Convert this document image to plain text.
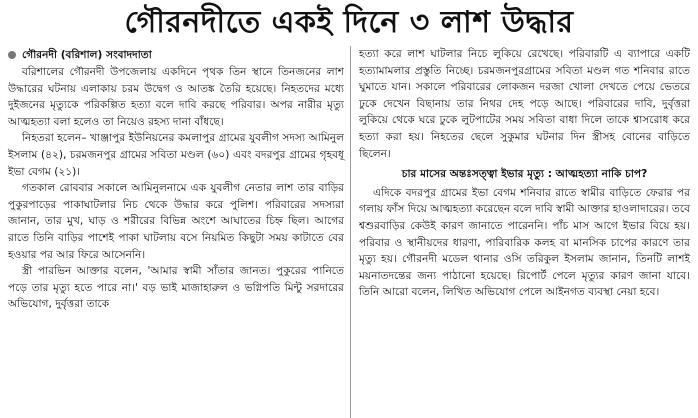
গৌরনদীতে একই দিনে ৩ লাশ উদ্ধার
গৌরনদী (বরিশাল) সংবাদদাতা

বরিশালের গৌরনদী উপজেলায় একদিনে পৃথক তিন স্থানে তিনজনের লাশ উদ্ধারের ঘটনায় এলাকায় চরম উদ্বেগ ও আতঙ্ক তৈরি হয়েছে। নিহতদের মধ্যে দুইজনের মৃত্যুকে পরিকল্পিত হত্যা বলে দাবি করছে পরিবার। অপর নারীর মৃত্যু আত্মহত্যা বলা হলেও তা নিয়েও রহস্য দানা বাঁধছে।

নিহতরা হলেন– খাঞ্জাপুর ইউনিয়নের কমলাপুর গ্রামের যুবলীগ সদস্য আমিনুল ইসলাম (৪২), চরমজনপুর গ্রামের সবিতা মণ্ডল (৬০) এবং বদরপুর গ্রামের গৃহবধূ ইভা বেগম (২১)।

গতকাল রোববার সকালে আমিনুলনামে এক যুবলীগ নেতার লাশ তার বাড়ির পুকুরপাড়ের পাকাঘাটলার নিচ থেকে উদ্ধার করে পুলিশ। পরিবারের সদস্যরা জানান, তার মুখ, ঘাড় ও শরীরের বিভিন্ন অংশে আঘাতের চিহ্ন ছিল। আগের রাতে তিনি বাড়ির পাশেই পাকা ঘাটলায় বসে নিয়মিত কিছুটা সময় কাটাতে বের হওয়ার পর আর ফিরে আসেননি।

স্ত্রী পারভিন আক্তার বলেন, 'আমার স্বামী সাঁতার জানত। পুকুরের পানিতে পড়ে তার মৃত্যু হতে পারে না।' বড় ভাই মাজাহারুল ও ভগ্নিপতি মিন্টু সরদারের অভিযোগ, দুর্বৃত্তরা তাকে

হত্যা করে লাশ ঘাটলার নিচে লুকিয়ে রেখেছে। পরিবারটি এ ব্যাপারে একটি হত্যামামলার প্রস্তুতি নিচ্ছে। চরমজনপুরগ্রামের সবিতা মণ্ডল গত শনিবার রাতে ঘুমাতে যান। সকালে পরিবারের লোকজন দরজা খোলা দেখতে পেয়ে ভেতরে ঢুকে দেখেন বিছানায় তার নিথর দেহ পড়ে আছে। পরিবারের দাবি, দুর্বৃত্তরা লুকিয়ে থেকে ঘরে ঢুকে লুটপাটের সময় সবিতা বাধা দিলে তাকে শ্বাসরোধ করে হত্যা করা হয়। নিহতের ছেলে সুকুমার ঘটনার দিন স্ত্রীসহ বোনের বাড়িতে ছিলেন।

চার মাসের অন্তঃসত্ত্বা ইভার মৃত্যু : আত্মহত্যা নাকি চাপ?

এদিকে বদরপুর গ্রামের ইভা বেগম শনিবার রাতে স্বামীর বাড়িতে ফেরার পর গলায় ফাঁস দিয়ে আত্মহত্যা করেছেন বলে দাবি স্বামী আক্তার হাওলাদারের। তবে শ্বশুরবাড়ির কেউই কারণ জানাতে পারেননি। পাঁচ মাস আগে ইভার বিয়ে হয়। পরিবার ও স্থানীয়দের ধারণা, পারিবারিক কলহ বা মানসিক চাপের কারণে তার মৃত্যু হয়। গৌরনদী মডেল থানার ওসি তরিকুল ইসলাম জানান, তিনটি লাশই ময়নাতদন্তের জন্য পাঠানো হয়েছে। রিপোর্ট পেলে মৃত্যুর কারণ জানা যাবে। তিনি আরো বলেন, লিখিত অভিযোগ পেলে আইনগত ব্যবস্থা নেয়া হবে।
